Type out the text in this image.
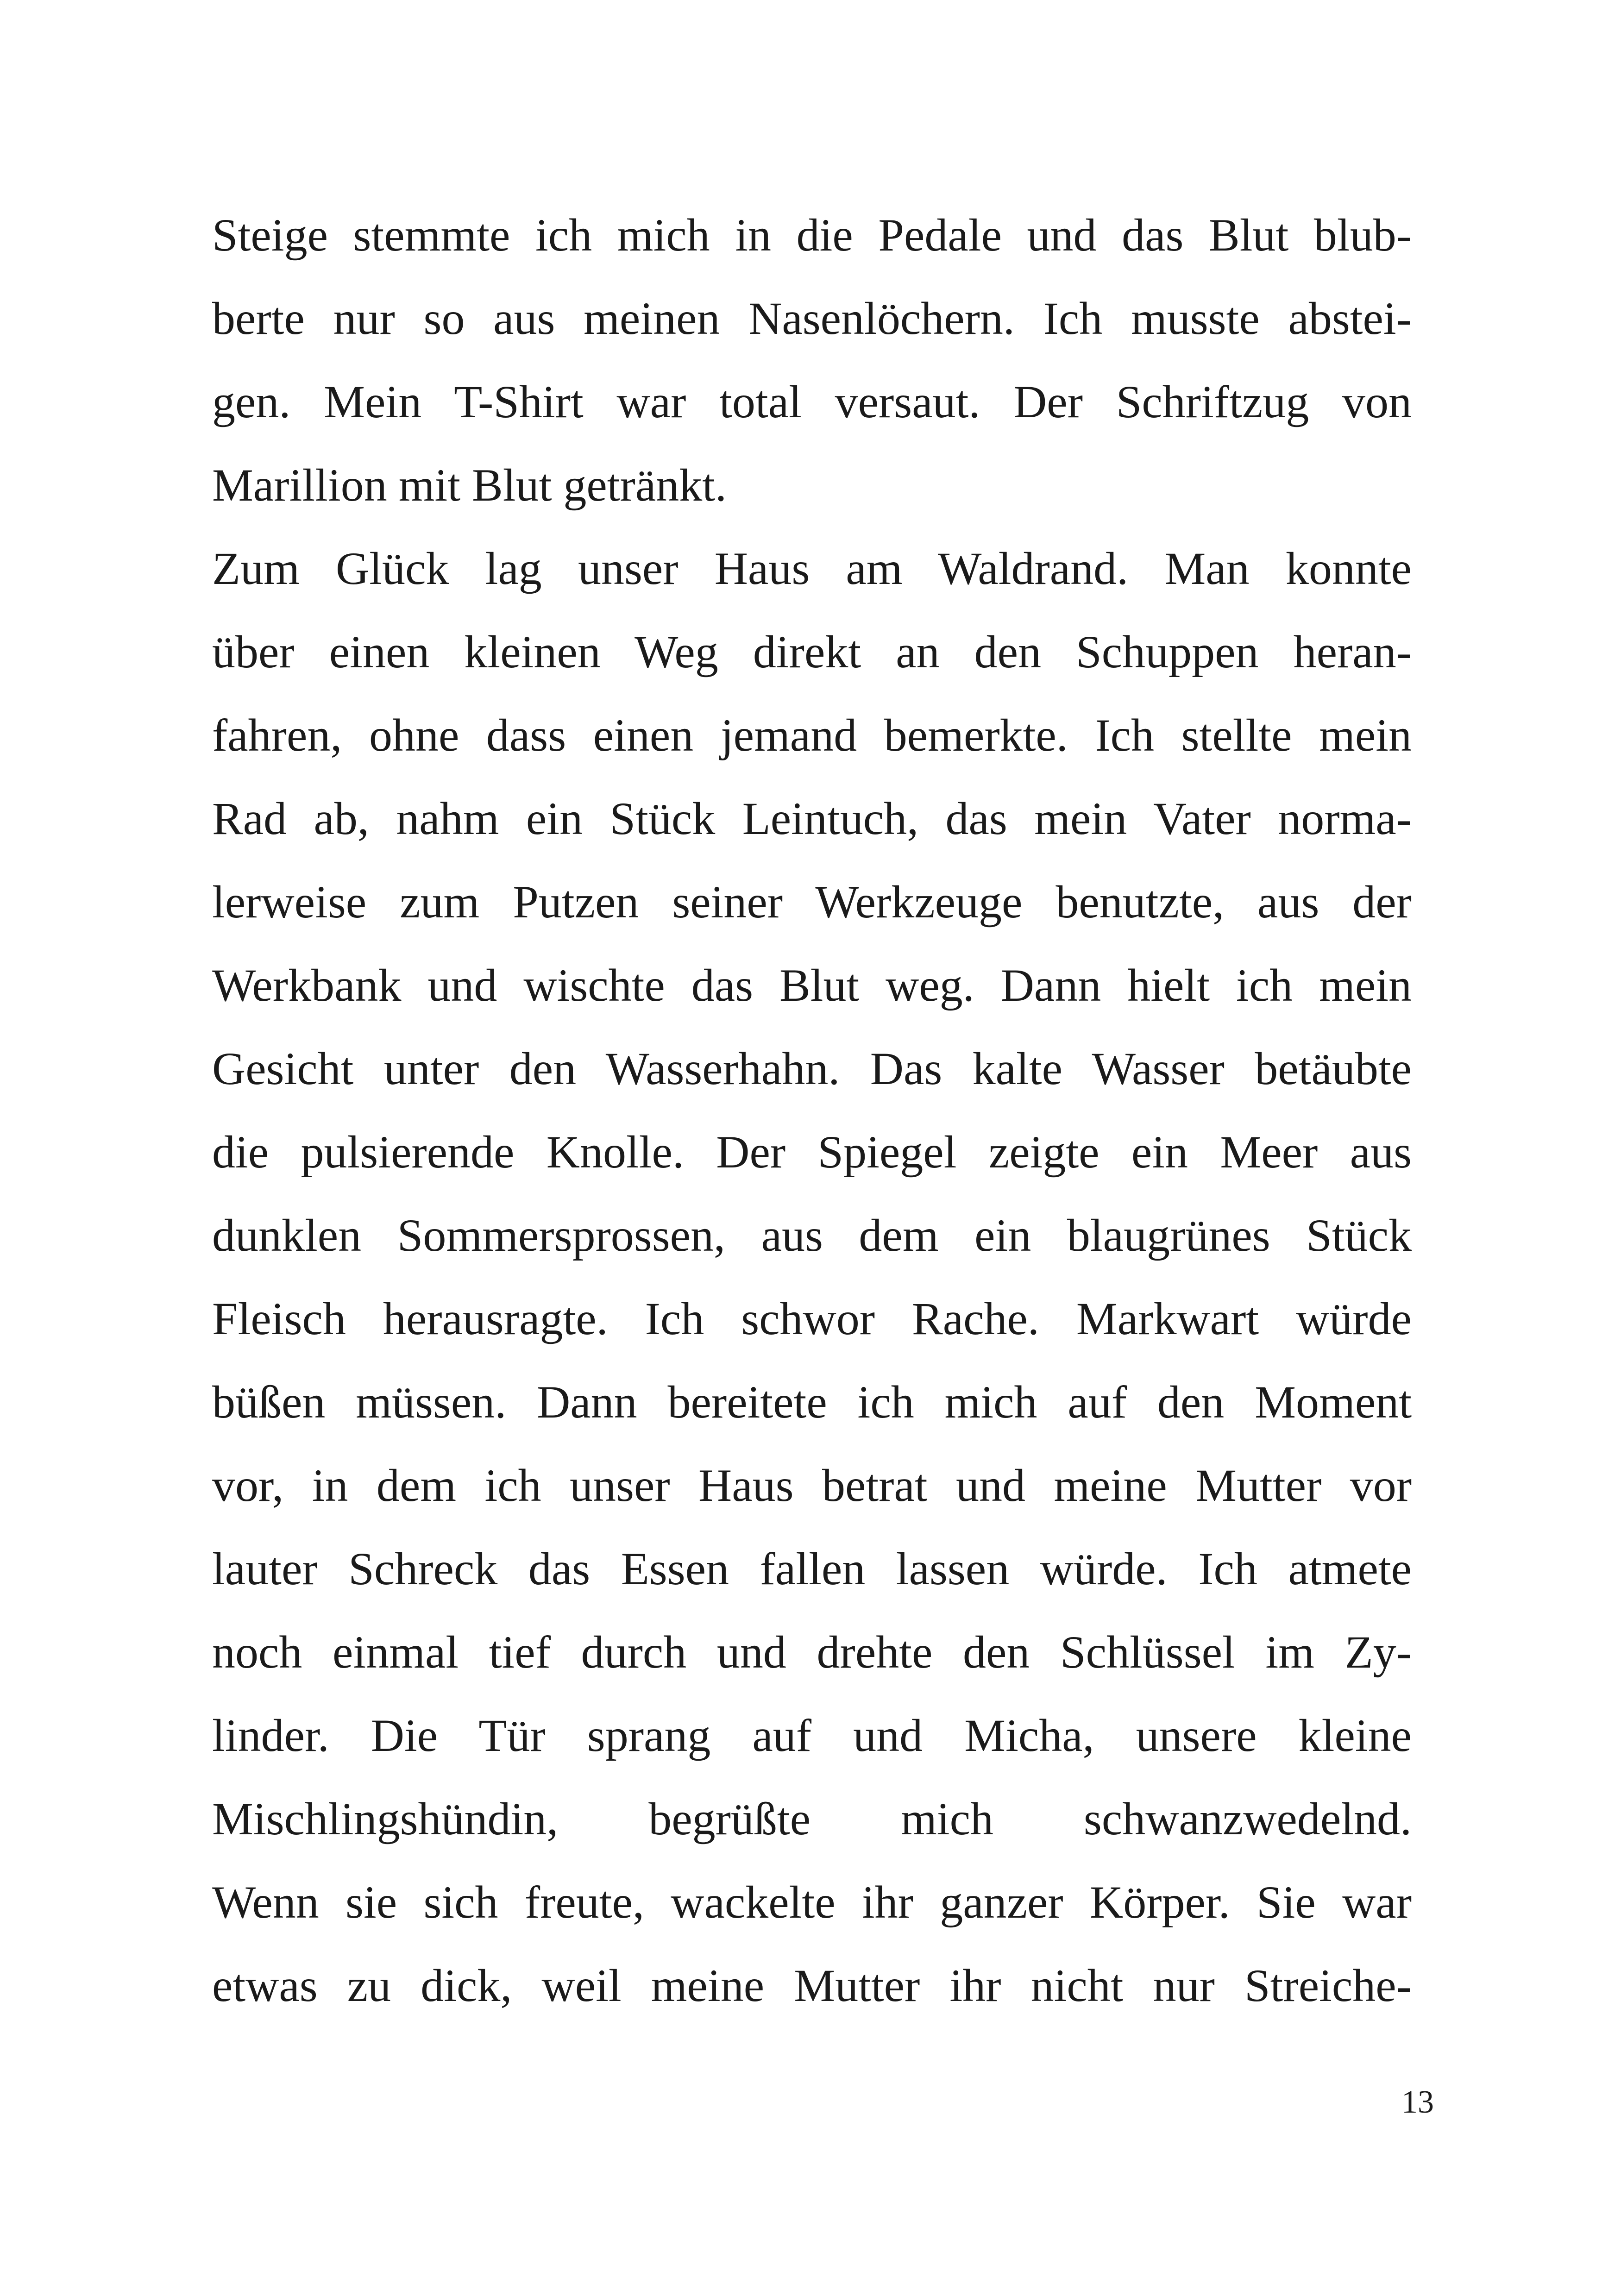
Steige stemmte ich mich in die Pedale und das Blut blub-
berte nur so aus meinen Nasenlöchern. Ich musste abstei-
gen. Mein T-Shirt war total versaut. Der Schriftzug von
Marillion mit Blut getränkt.
Zum Glück lag unser Haus am Waldrand. Man konnte
über einen kleinen Weg direkt an den Schuppen heran-
fahren, ohne dass einen jemand bemerkte. Ich stellte mein
Rad ab, nahm ein Stück Leintuch, das mein Vater norma-
lerweise zum Putzen seiner Werkzeuge benutzte, aus der
Werkbank und wischte das Blut weg. Dann hielt ich mein
Gesicht unter den Wasserhahn. Das kalte Wasser betäubte
die pulsierende Knolle. Der Spiegel zeigte ein Meer aus
dunklen Sommersprossen, aus dem ein blaugrünes Stück
Fleisch herausragte. Ich schwor Rache. Markwart würde
büßen müssen. Dann bereitete ich mich auf den Moment
vor, in dem ich unser Haus betrat und meine Mutter vor
lauter Schreck das Essen fallen lassen würde. Ich atmete
noch einmal tief durch und drehte den Schlüssel im Zy-
linder. Die Tür sprang auf und Micha, unsere kleine
Mischlingshündin, begrüßte mich schwanzwedelnd.
Wenn sie sich freute, wackelte ihr ganzer Körper. Sie war
etwas zu dick, weil meine Mutter ihr nicht nur Streiche-
13
